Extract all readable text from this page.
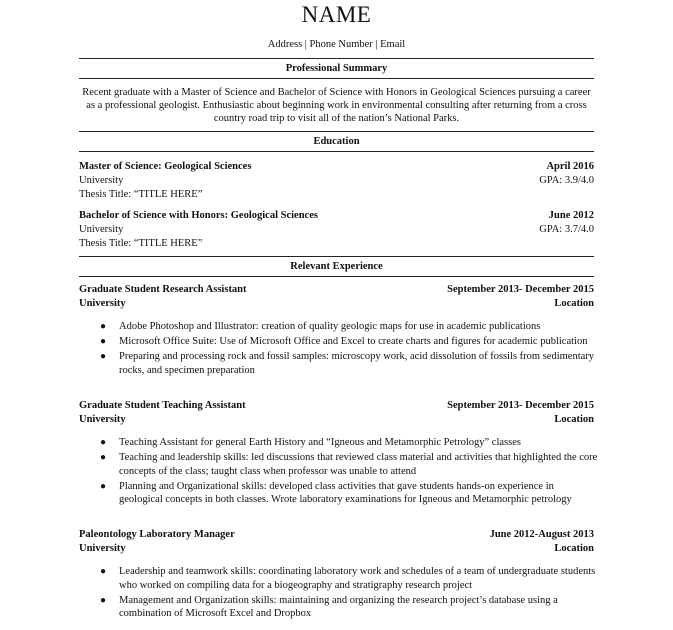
NAME
Address | Phone Number | Email
Professional Summary
Recent graduate with a Master of Science and Bachelor of Science with Honors in Geological Sciences pursuing a career as a professional geologist. Enthusiastic about beginning work in environmental consulting after returning from a cross country road trip to visit all of the nation’s National Parks.
Education
Master of Science: Geological Sciences	April 2016
University	GPA: 3.9/4.0
Thesis Title: “TITLE HERE”
Bachelor of Science with Honors: Geological Sciences	June 2012
University	GPA: 3.7/4.0
Thesis Title: “TITLE HERE”
Relevant Experience
Graduate Student Research Assistant	September 2013- December 2015
University	Location
● Adobe Photoshop and Illustrator: creation of quality geologic maps for use in academic publications
● Microsoft Office Suite: Use of Microsoft Office and Excel to create charts and figures for academic publication
● Preparing and processing rock and fossil samples: microscopy work, acid dissolution of fossils from sedimentary rocks, and specimen preparation
Graduate Student Teaching Assistant	September 2013- December 2015
University	Location
● Teaching Assistant for general Earth History and “Igneous and Metamorphic Petrology” classes
● Teaching and leadership skills: led discussions that reviewed class material and activities that highlighted the core concepts of the class; taught class when professor was unable to attend
● Planning and Organizational skills: developed class activities that gave students hands-on experience in geological concepts in both classes. Wrote laboratory examinations for Igneous and Metamorphic petrology
Paleontology Laboratory Manager	June 2012-August 2013
University	Location
● Leadership and teamwork skills: coordinating laboratory work and schedules of a team of undergraduate students who worked on compiling data for a biogeography and stratigraphy research project
● Management and Organization skills: maintaining and organizing the research project’s database using a combination of Microsoft Excel and Dropbox
